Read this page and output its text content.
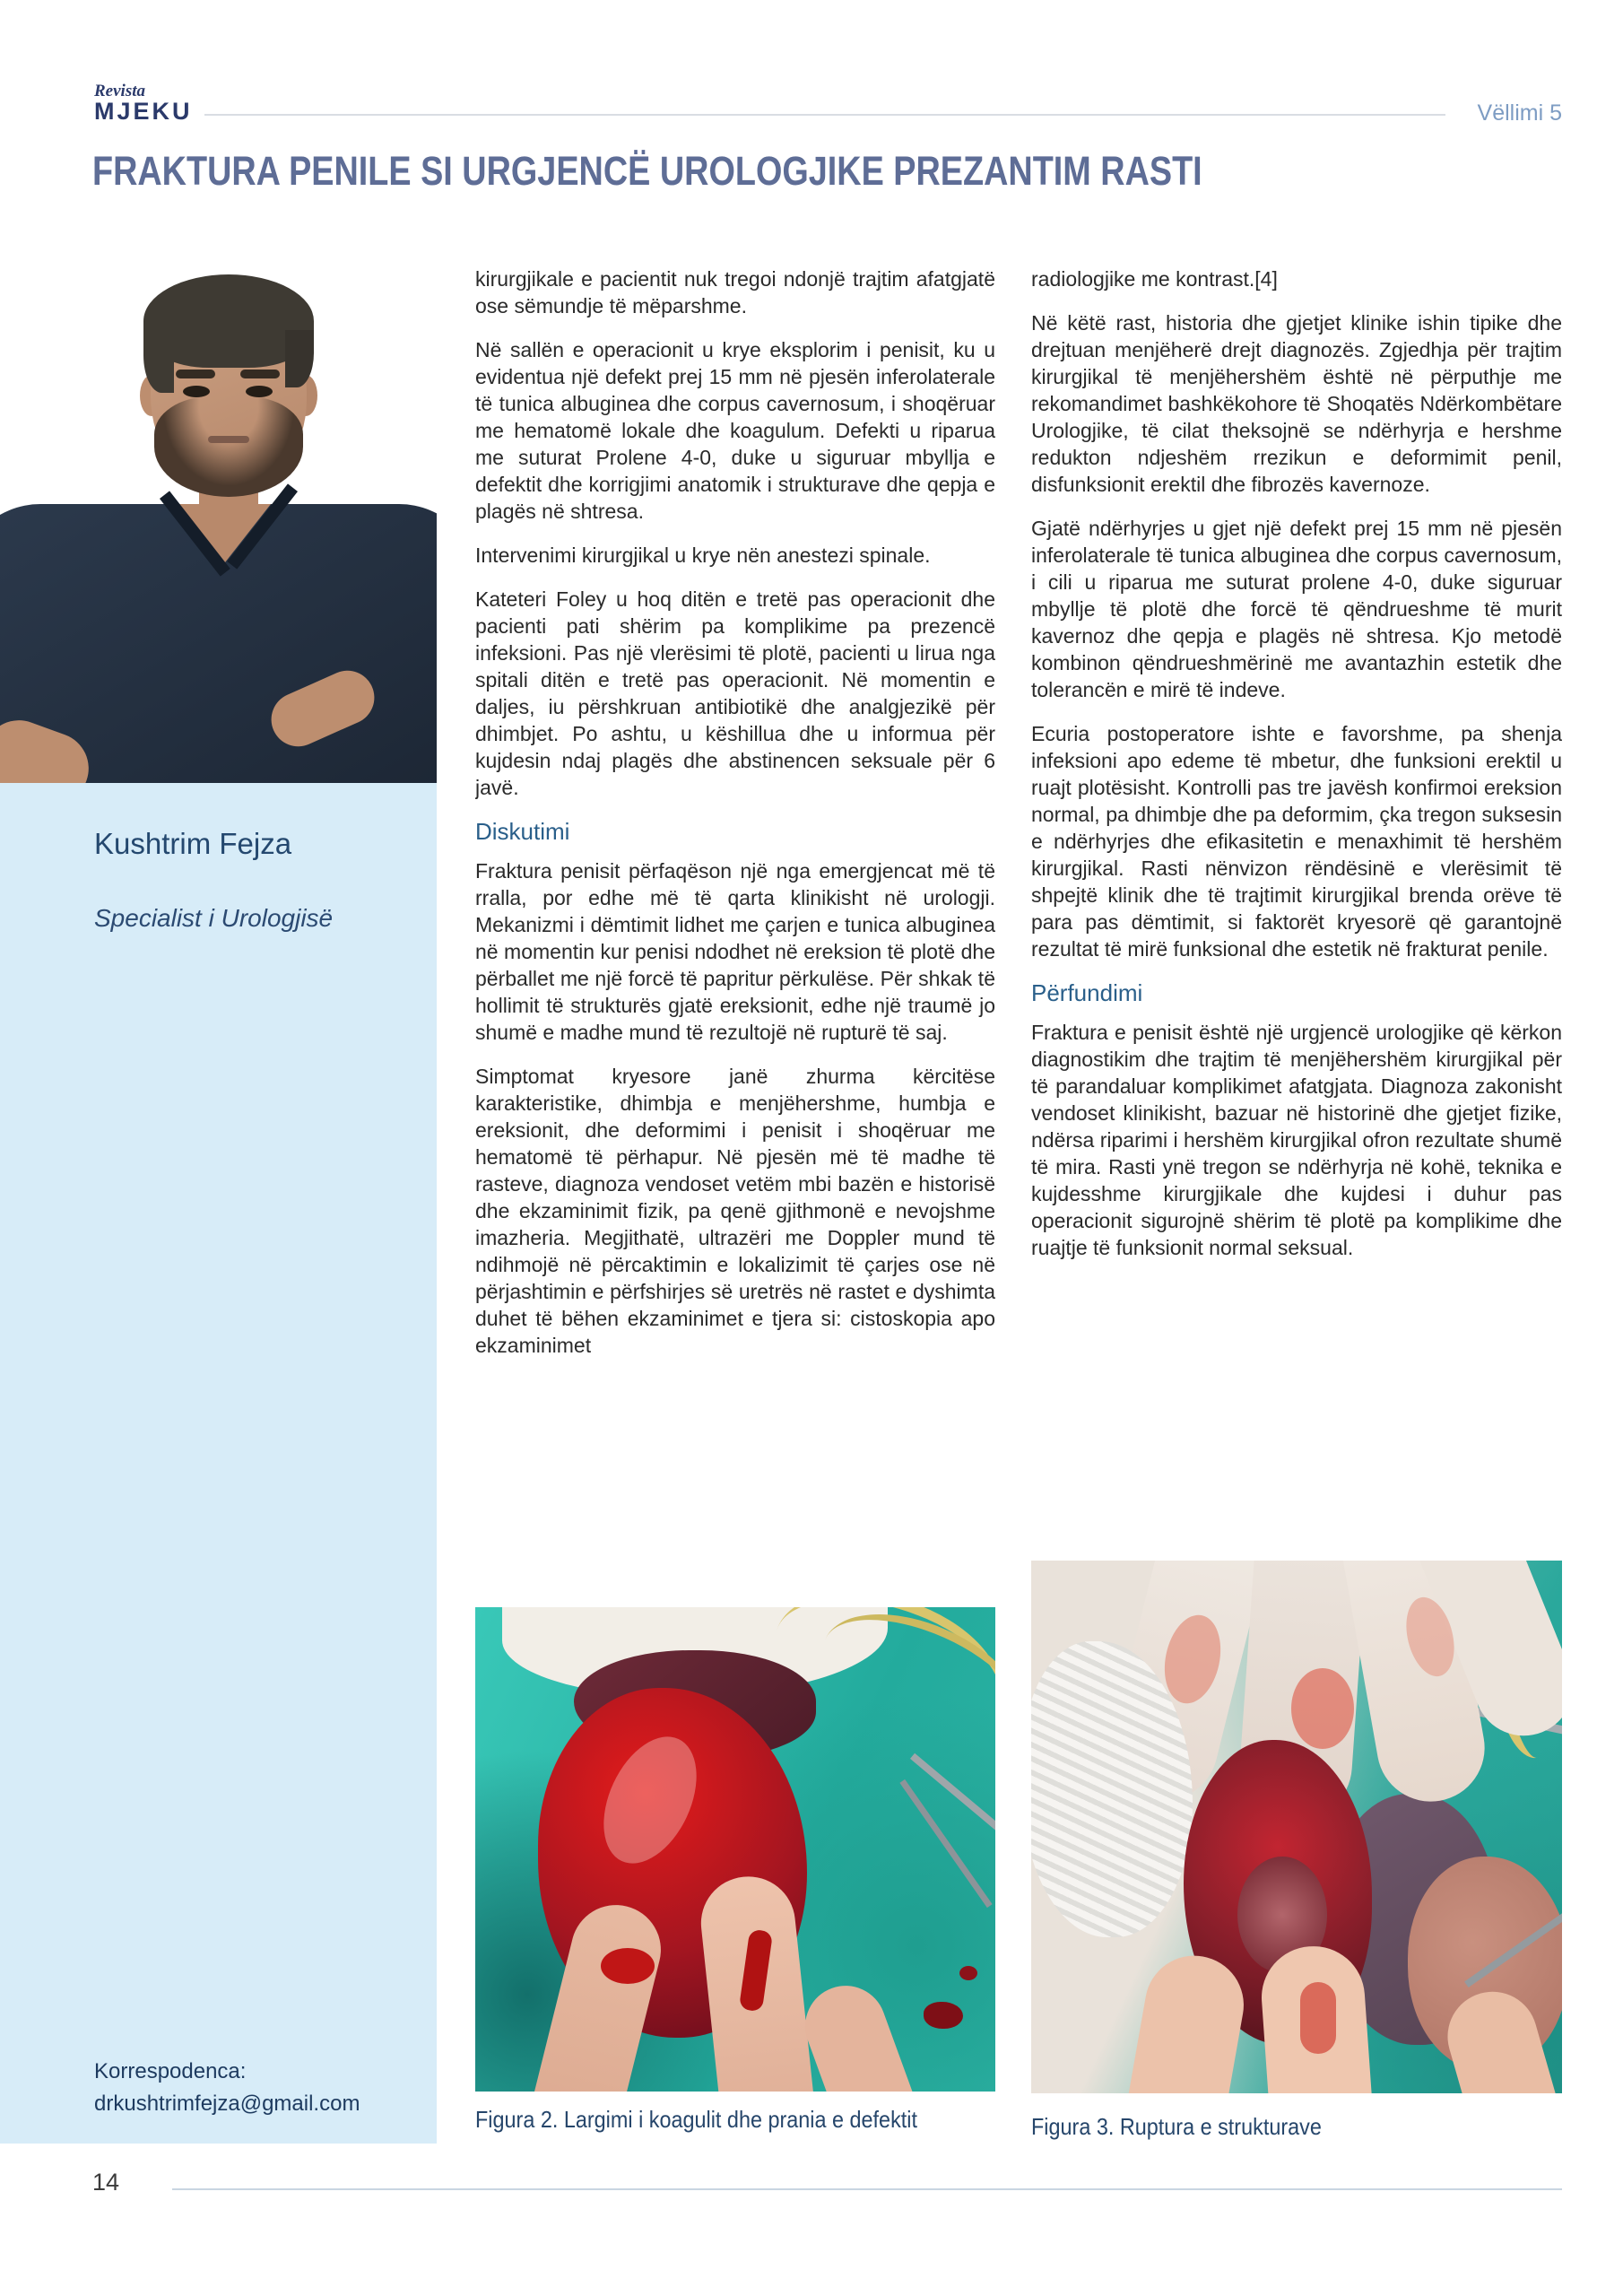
Revista
MJEKU	Vëllimi 5
FRAKTURA PENILE SI URGJENCË UROLOGJIKE PREZANTIM RASTI
Kushtrim Fejza
Specialist i Urologjisë
Korrespodenca:
drkushtrimfejza@gmail.com

kirurgjikale e pacientit nuk tregoi ndonjë trajtim afatgjatë ose sëmundje të mëparshme.

Në sallën e operacionit u krye eksplorim i penisit, ku u evidentua një defekt prej 15 mm në pjesën inferolaterale të tunica albuginea dhe corpus cavernosum, i shoqëruar me hematomë lokale dhe koagulum. Defekti u riparua me suturat Prolene 4-0, duke u siguruar mbyllja e defektit dhe korrigjimi anatomik i strukturave dhe qepja e plagës në shtresa.

Intervenimi kirurgjikal u krye nën anestezi spinale.

Kateteri Foley u hoq ditën e tretë pas operacionit dhe pacienti pati shërim pa komplikime pa prezencë infeksioni. Pas një vlerësimi të plotë, pacienti u lirua nga spitali ditën e tretë pas operacionit. Në momentin e daljes, iu përshkruan antibiotikë dhe analgjezikë për dhimbjet. Po ashtu, u këshillua dhe u informua për kujdesin ndaj plagës dhe abstinencen seksuale për 6 javë.

Diskutimi

Fraktura penisit përfaqëson një nga emergjencat më të rralla, por edhe më të qarta klinikisht në urologji. Mekanizmi i dëmtimit lidhet me çarjen e tunica albuginea në momentin kur penisi ndodhet në ereksion të plotë dhe përballet me një forcë të papritur përkulëse. Për shkak të hollimit të strukturës gjatë ereksionit, edhe një traumë jo shumë e madhe mund të rezultojë në rupturë të saj.

Simptomat kryesore janë zhurma kërcitëse karakteristike, dhimbja e menjëhershme, humbja e ereksionit, dhe deformimi i penisit i shoqëruar me hematomë të përhapur. Në pjesën më të madhe të rasteve, diagnoza vendoset vetëm mbi bazën e historisë dhe ekzaminimit fizik, pa qenë gjithmonë e nevojshme imazheria. Megjithatë, ultrazëri me Doppler mund të ndihmojë në përcaktimin e lokalizimit të çarjes ose në përjashtimin e përfshirjes së uretrës në rastet e dyshimta duhet të bëhen ekzaminimet e tjera si: cistoskopia apo ekzaminimet

radiologjike me kontrast.[4]

Në këtë rast, historia dhe gjetjet klinike ishin tipike dhe drejtuan menjëherë drejt diagnozës. Zgjedhja për trajtim kirurgjikal të menjëhershëm është në përputhje me rekomandimet bashkëkohore të Shoqatës Ndërkombëtare Urologjike, të cilat theksojnë se ndërhyrja e hershme redukton ndjeshëm rrezikun e deformimit penil, disfunksionit erektil dhe fibrozës kavernoze.

Gjatë ndërhyrjes u gjet një defekt prej 15 mm në pjesën inferolaterale të tunica albuginea dhe corpus cavernosum, i cili u riparua me suturat prolene 4-0, duke siguruar mbyllje të plotë dhe forcë të qëndrueshme të murit kavernoz dhe qepja e plagës në shtresa. Kjo metodë kombinon qëndrueshmërinë me avantazhin estetik dhe tolerancën e mirë të indeve.

Ecuria postoperatore ishte e favorshme, pa shenja infeksioni apo edeme të mbetur, dhe funksioni erektil u ruajt plotësisht. Kontrolli pas tre javësh konfirmoi ereksion normal, pa dhimbje dhe pa deformim, çka tregon suksesin e ndërhyrjes dhe efikasitetin e menaxhimit të hershëm kirurgjikal. Rasti nënvizon rëndësinë e vlerësimit të shpejtë klinik dhe të trajtimit kirurgjikal brenda orëve të para pas dëmtimit, si faktorët kryesorë që garantojnë rezultat të mirë funksional dhe estetik në frakturat penile.

Përfundimi

Fraktura e penisit është një urgjencë urologjike që kërkon diagnostikim dhe trajtim të menjëhershëm kirurgjikal për të parandaluar komplikimet afatgjata. Diagnoza zakonisht vendoset klinikisht, bazuar në historinë dhe gjetjet fizike, ndërsa riparimi i hershëm kirurgjikal ofron rezultate shumë të mira. Rasti ynë tregon se ndërhyrja në kohë, teknika e kujdesshme kirurgjikale dhe kujdesi i duhur pas operacionit sigurojnë shërim të plotë pa komplikime dhe ruajtje të funksionit normal seksual.

Figura 2. Largimi i koagulit dhe prania e defektit	Figura 3. Ruptura e strukturave
14
